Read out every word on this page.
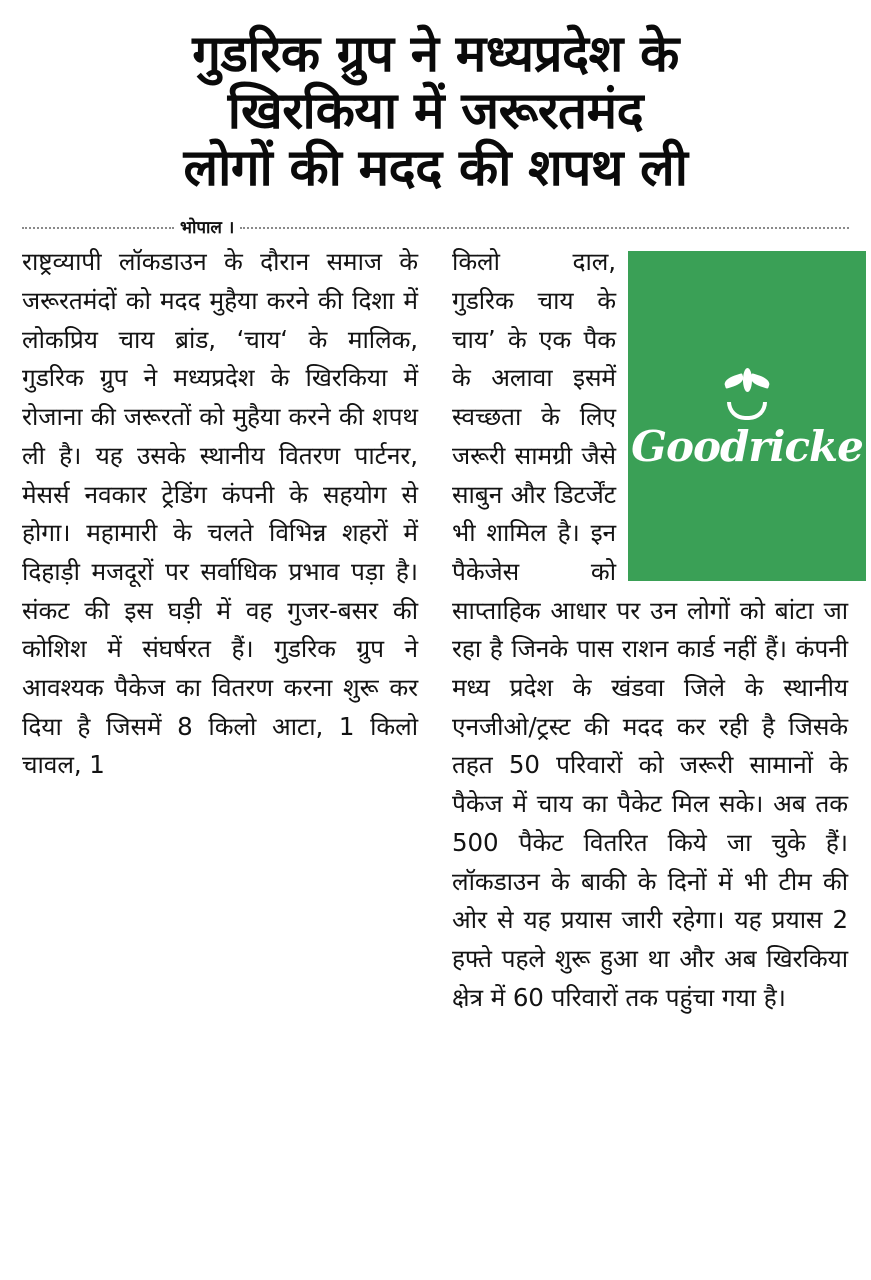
गुडरिक ग्रुप ने मध्यप्रदेश के
खिरकिया में जरूरतमंद
लोगों की मदद की शपथ ली
भोपाल ।

राष्ट्रव्यापी लॉकडाउन के दौरान समाज के जरूरतमंदों को मदद मुहैया करने की दिशा में लोकप्रिय चाय ब्रांड, ‘चाय‘ के मालिक, गुडरिक ग्रुप ने मध्यप्रदेश के खिरकिया में रोजाना की जरूरतों को मुहैया करने की शपथ ली है। यह उसके स्थानीय वितरण पार्टनर, मेसर्स नवकार ट्रेडिंग कंपनी के सहयोग से होगा। महामारी के चलते विभिन्न शहरों में दिहाड़ी मजदूरों पर सर्वाधिक प्रभाव पड़ा है। संकट की इस घड़ी में वह गुजर-बसर की कोशिश में संघर्षरत हैं। गुडरिक ग्रुप ने आवश्यक पैकेज का वितरण करना शुरू कर दिया है जिसमें 8 किलो आटा, 1 किलो चावल, 1

Goodricke

किलो दाल, गुडरिक चाय के चाय’ के एक पैक के अलावा इसमें स्वच्छता के लिए जरूरी सामग्री जैसे साबुन और डिटर्जेंट भी शामिल है। इन पैकेजेस को साप्ताहिक आधार पर उन लोगों को बांटा जा रहा है जिनके पास राशन कार्ड नहीं हैं। कंपनी मध्य प्रदेश के खंडवा जिले के स्थानीय एनजीओ/ट्रस्ट की मदद कर रही है जिसके तहत 50 परिवारों को जरूरी सामानों के पैकेज में चाय का पैकेट मिल सके। अब तक 500 पैकेट वितरित किये जा चुके हैं। लॉकडाउन के बाकी के दिनों में भी टीम की ओर से यह प्रयास जारी रहेगा। यह प्रयास 2 हफ्ते पहले शुरू हुआ था और अब खिरकिया क्षेत्र में 60 परिवारों तक पहुंचा गया है।
